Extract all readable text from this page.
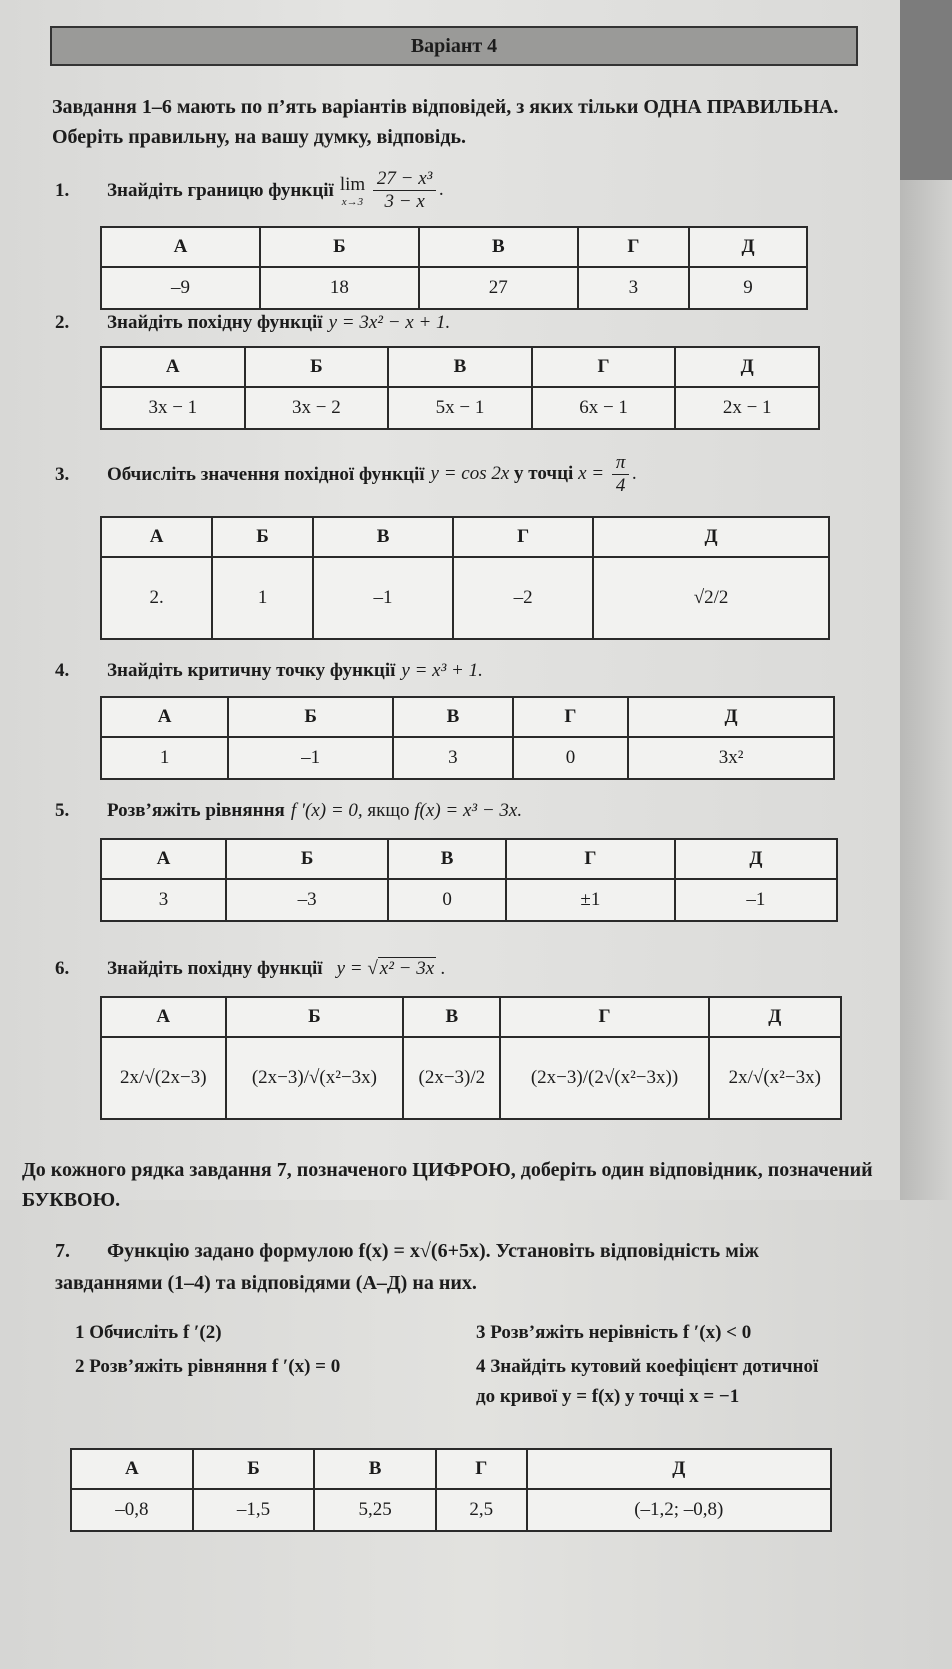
Варіант 4
Завдання 1–6 мають по п’ять варіантів відповідей, з яких тільки ОДНА ПРАВИЛЬНА. Оберіть правильну, на вашу думку, відповідь.
1.	Знайдіть границю функції lim
x→3
$\frac{\text{27 − x³}}{3 - x}$ .
А	Б	В	Г	Д
–9	18	27	3	9
2.	Знайдіть похідну функції y = 3x² − x + 1.
А	Б	В	Г	Д
3x − 1	3x − 2	5x − 1	6x − 1	2x − 1
3.	Обчисліть значення похідної функції y = cos 2x у точці $x = \frac{\pi}{4}$ .
А	Б	В	Г	Д
2.	1	–1	–2	√2/2
4.	Знайдіть критичну точку функції y = x³ + 1.
А	Б	В	Г	Д
1	–1	3	0	3x²
5.	Розв’яжіть рівняння f ′(x) = 0, якщо f(x) = x³ − 3x.
А	Б	В	Г	Д
3	–3	0	±1	–1
6.	Знайдіть похідну функції y = √ x² − 3x .
А	Б	В	Г	Д
2x/√(2x−3)	(2x−3)/√(x²−3x)	(2x−3)/2	(2x−3)/(2√(x²−3x))	2x/√(x²−3x)
До кожного рядка завдання 7, позначеного ЦИФРОЮ, доберіть один відповідник, позначений БУКВОЮ.
7. Функцію задано формулою f(x) = x√(6+5x). Установіть відповідність між завданнями (1–4) та відповідями (А–Д) на них.
1 Обчисліть f ′(2)
2 Розв’яжіть рівняння f ′(x) = 0
3 Розв’яжіть нерівність f ′(x) < 0
4 Знайдіть кутовий коефіцієнт дотичної до кривої y = f(x) у точці x = −1
А	Б	В	Г	Д
–0,8	–1,5	5,25	2,5	(–1,2; –0,8)
